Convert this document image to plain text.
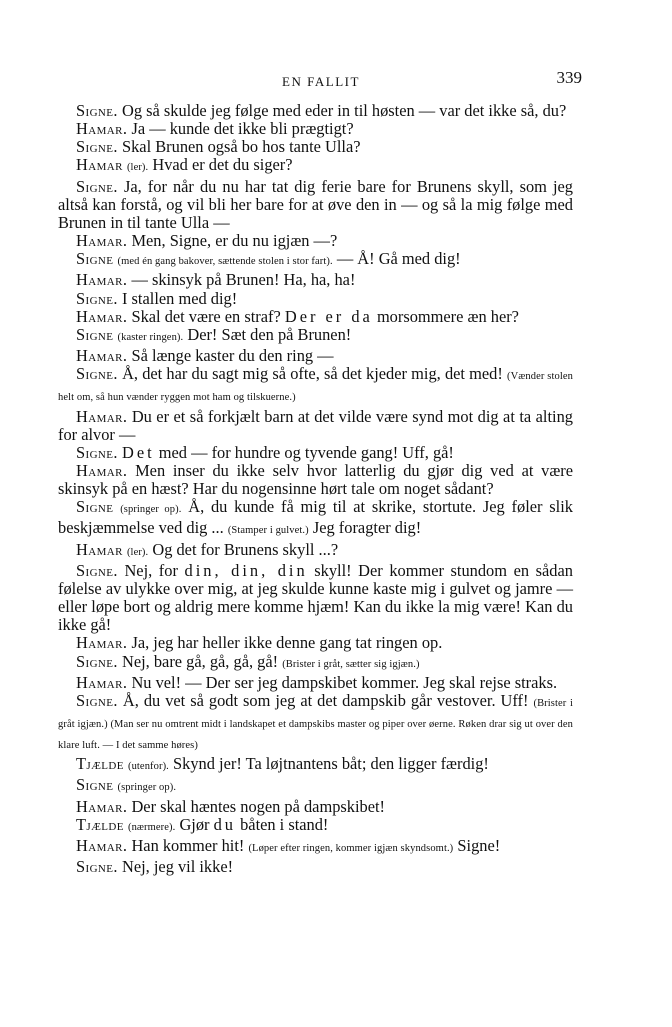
EN FALLIT	339

Signe. Og så skulde jeg følge med eder in til høsten — var det ikke så, du?

Hamar. Ja — kunde det ikke bli prægtigt?

Signe. Skal Brunen også bo hos tante Ulla?

Hamar (ler). Hvad er det du siger?

Signe. Ja, for når du nu har tat dig ferie bare for Brunens skyll, som jeg altså kan forstå, og vil bli her bare for at øve den in — og så la mig følge med Brunen in til tante Ulla —

Hamar. Men, Signe, er du nu igjæn —?

Signe (med én gang bakover, sættende stolen i stor fart). — Å! Gå med dig!

Hamar. — skinsyk på Brunen! Ha, ha, ha!

Signe. I stallen med dig!

Hamar. Skal det være en straf? Der er da morsommere æn her?

Signe (kaster ringen). Der! Sæt den på Brunen!

Hamar. Så længe kaster du den ring —

Signe. Å, det har du sagt mig så ofte, så det kjeder mig, det med! (Vænder stolen helt om, så hun vænder ryggen mot ham og tilskuerne.)

Hamar. Du er et så forkjælt barn at det vilde være synd mot dig at ta alting for alvor —

Signe. Det med — for hundre og tyvende gang! Uff, gå!

Hamar. Men inser du ikke selv hvor latterlig du gjør dig ved at være skinsyk på en hæst? Har du nogensinne hørt tale om noget sådant?

Signe (springer op). Å, du kunde få mig til at skrike, stortute. Jeg føler slik beskjæmmelse ved dig ... (Stamper i gulvet.) Jeg foragter dig!

Hamar (ler). Og det for Brunens skyll ...?

Signe. Nej, for din, din, din skyll! Der kommer stundom en sådan følelse av ulykke over mig, at jeg skulde kunne kaste mig i gulvet og jamre — eller løpe bort og aldrig mere komme hjæm! Kan du ikke la mig være! Kan du ikke gå!

Hamar. Ja, jeg har heller ikke denne gang tat ringen op.

Signe. Nej, bare gå, gå, gå, gå! (Brister i gråt, sætter sig igjæn.)

Hamar. Nu vel! — Der ser jeg dampskibet kommer. Jeg skal rejse straks.

Signe. Å, du vet så godt som jeg at det dampskib går vestover. Uff! (Brister i gråt igjæn.) (Man ser nu omtrent midt i landskapet et dampskibs master og piper over øerne. Røken drar sig ut over den klare luft. — I det samme høres)

Tjælde (utenfor). Skynd jer! Ta løjtnantens båt; den ligger færdig!

Signe (springer op).

Hamar. Der skal hæntes nogen på dampskibet!

Tjælde (nærmere). Gjør du båten i stand!

Hamar. Han kommer hit! (Løper efter ringen, kommer igjæn skyndsomt.) Signe!

Signe. Nej, jeg vil ikke!
